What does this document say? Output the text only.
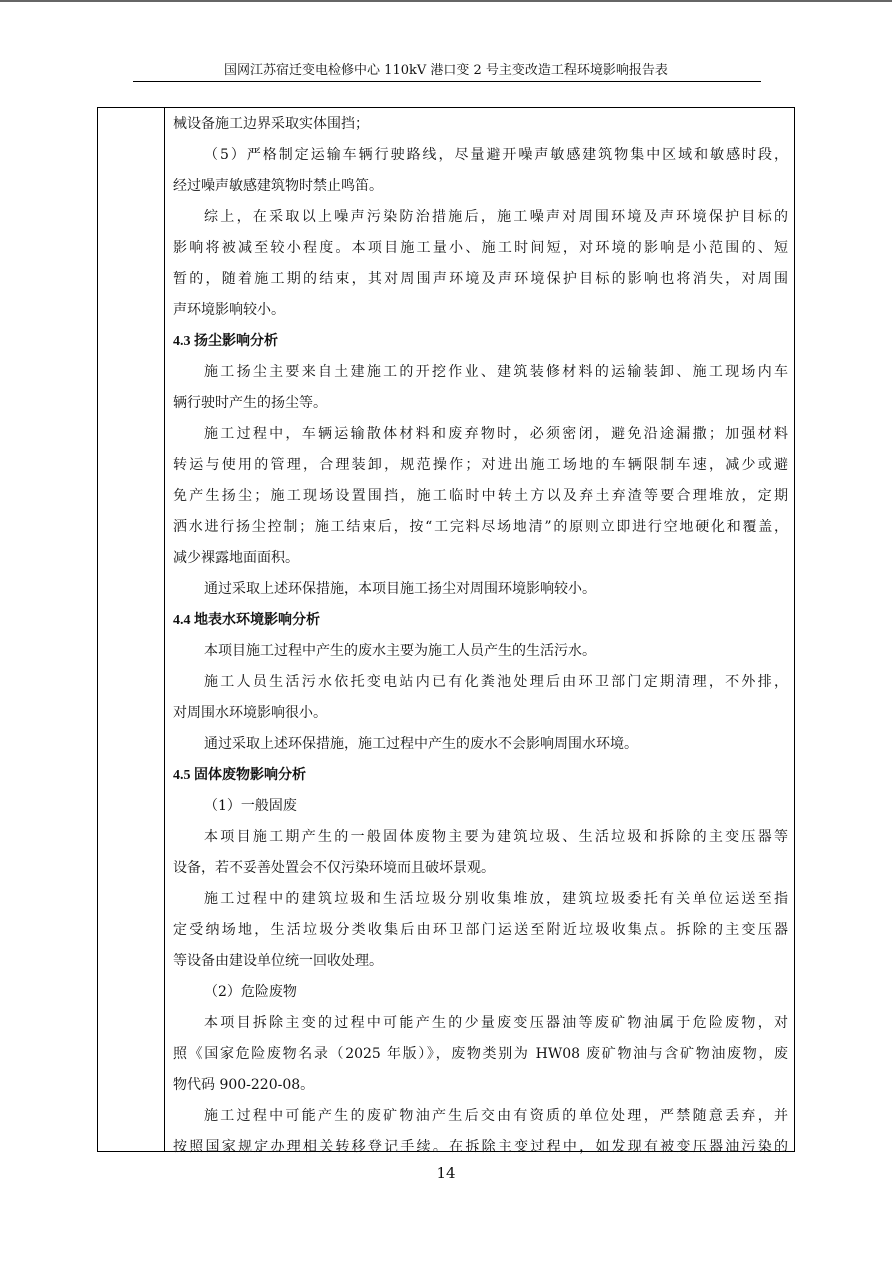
国网江苏宿迁变电检修中心 110kV 港口变 2 号主变改造工程环境影响报告表

械设备施工边界采取实体围挡；

（5）严格制定运输车辆行驶路线，尽量避开噪声敏感建筑物集中区域和敏感时段，

经过噪声敏感建筑物时禁止鸣笛。

综上，在采取以上噪声污染防治措施后，施工噪声对周围环境及声环境保护目标的

影响将被减至较小程度。本项目施工量小、施工时间短，对环境的影响是小范围的、短

暂的，随着施工期的结束，其对周围声环境及声环境保护目标的影响也将消失，对周围

声环境影响较小。

4.3 扬尘影响分析

施工扬尘主要来自土建施工的开挖作业、建筑装修材料的运输装卸、施工现场内车

辆行驶时产生的扬尘等。

施工过程中，车辆运输散体材料和废弃物时，必须密闭，避免沿途漏撒；加强材料

转运与使用的管理，合理装卸，规范操作；对进出施工场地的车辆限制车速，减少或避

免产生扬尘；施工现场设置围挡，施工临时中转土方以及弃土弃渣等要合理堆放，定期

洒水进行扬尘控制；施工结束后，按“工完料尽场地清”的原则立即进行空地硬化和覆盖，

减少裸露地面面积。

通过采取上述环保措施，本项目施工扬尘对周围环境影响较小。

4.4 地表水环境影响分析

本项目施工过程中产生的废水主要为施工人员产生的生活污水。

施工人员生活污水依托变电站内已有化粪池处理后由环卫部门定期清理，不外排，

对周围水环境影响很小。

通过采取上述环保措施，施工过程中产生的废水不会影响周围水环境。

4.5 固体废物影响分析

（1）一般固废

本项目施工期产生的一般固体废物主要为建筑垃圾、生活垃圾和拆除的主变压器等

设备，若不妥善处置会不仅污染环境而且破坏景观。

施工过程中的建筑垃圾和生活垃圾分别收集堆放，建筑垃圾委托有关单位运送至指

定受纳场地，生活垃圾分类收集后由环卫部门运送至附近垃圾收集点。拆除的主变压器

等设备由建设单位统一回收处理。

（2）危险废物

本项目拆除主变的过程中可能产生的少量废变压器油等废矿物油属于危险废物，对

照《国家危险废物名录（2025 年版）》，废物类别为 HW08 废矿物油与含矿物油废物，废

物代码 900-220-08。

施工过程中可能产生的废矿物油产生后交由有资质的单位处理，严禁随意丢弃，并

按照国家规定办理相关转移登记手续。在拆除主变过程中，如发现有被变压器油污染的

14
